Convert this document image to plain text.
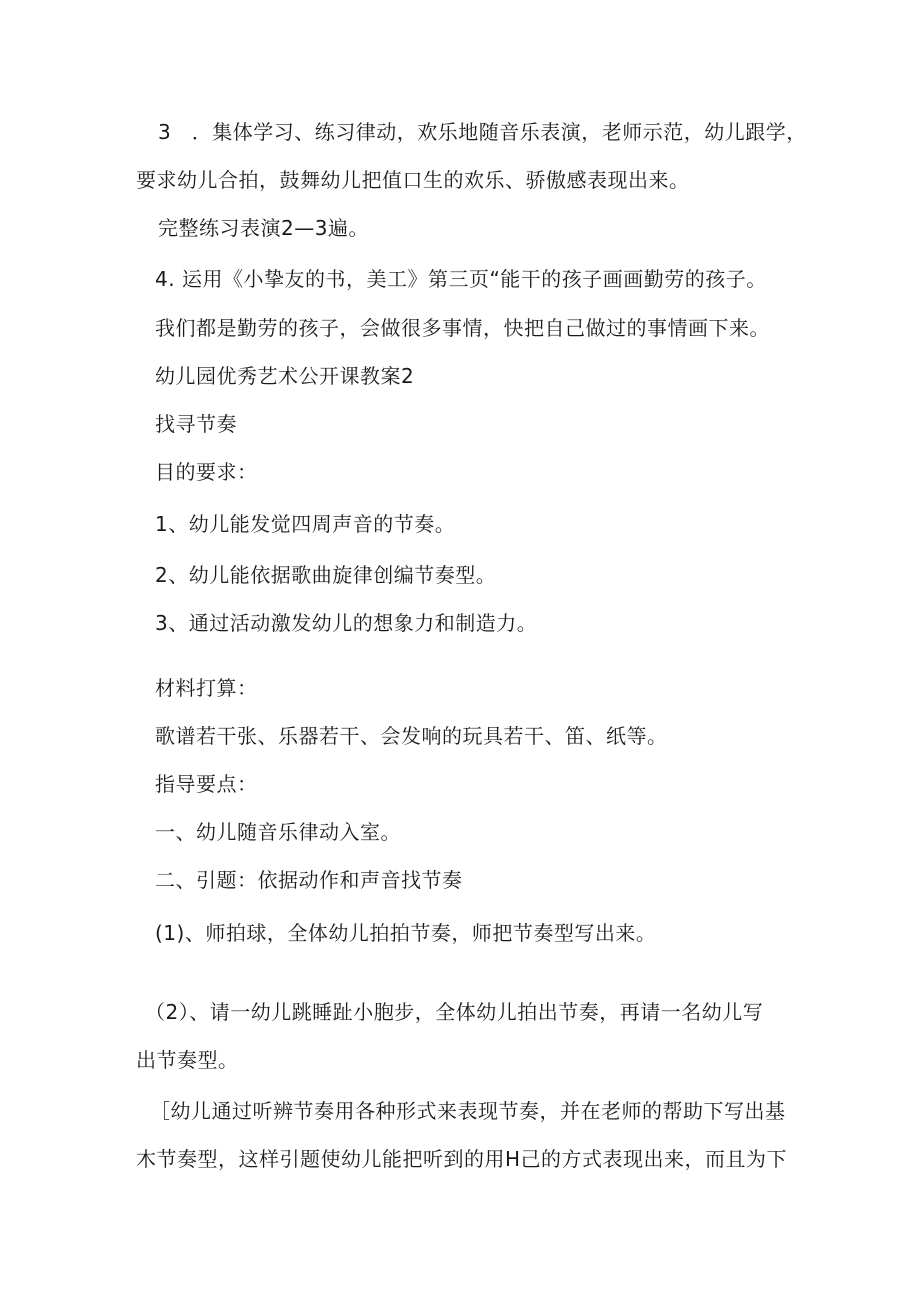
3　．集体学习、练习律动，欢乐地随音乐表演，老师示范，幼儿跟学，
要求幼儿合拍，鼓舞幼儿把值口生的欢乐、骄傲感表现出来。
完整练习表演2—3遍。
4. 运用《小挚友的书，美工》第三页“能干的孩子画画勤劳的孩子。
我们都是勤劳的孩子，会做很多事情，快把自己做过的事情画下来。
幼儿园优秀艺术公开课教案2
找寻节奏
目的要求：
1、幼儿能发觉四周声音的节奏。
2、幼儿能依据歌曲旋律创编节奏型。
3、通过活动激发幼儿的想象力和制造力。
材料打算：
歌谱若干张、乐器若干、会发响的玩具若干、笛、纸等。
指导要点：
一、幼儿随音乐律动入室。
二、引题：依据动作和声音找节奏
(1)、师拍球，全体幼儿拍拍节奏，师把节奏型写出来。
（2）、请一幼儿跳睡趾小胞步，全体幼儿拍出节奏，再请一名幼儿写
出节奏型。
［幼儿通过听辨节奏用各种形式来表现节奏，并在老师的帮助下写出基
木节奏型，这样引题使幼儿能把听到的用H己的方式表现出来，而且为下
